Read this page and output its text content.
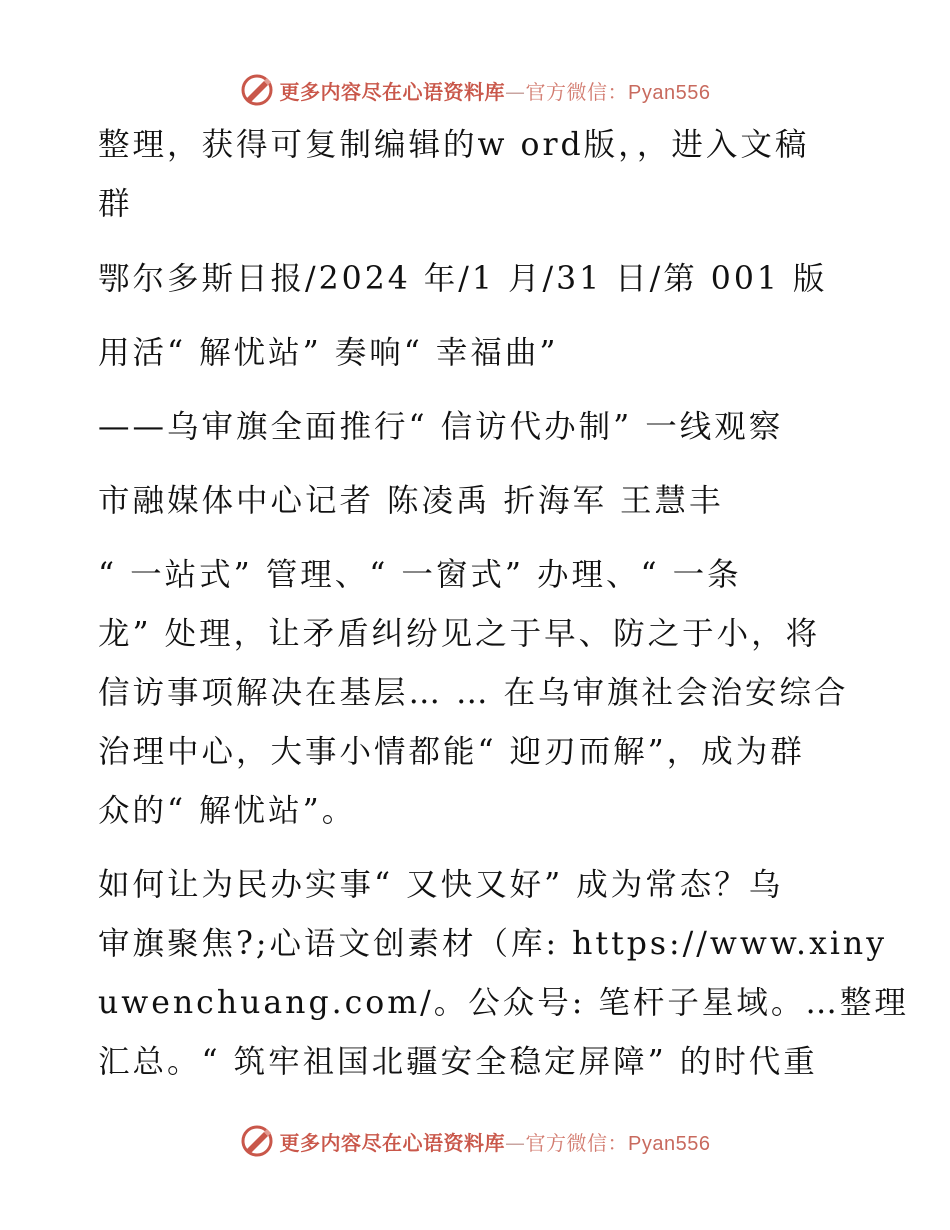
更多内容尽在心语资料库—官方微信：Pyan556
整理，获得可复制编辑的w ord版，，进入文稿
群
鄂尔多斯日报/2024 年/1 月/31 日/第 001 版
用活“ 解忧站” 奏响“ 幸福曲”
——乌审旗全面推行“ 信访代办制” 一线观察
市融媒体中心记者 陈凌禹 折海军 王慧丰
“ 一站式” 管理、“ 一窗式” 办理、“ 一条
龙” 处理，让矛盾纠纷见之于早、防之于小，将
信访事项解决在基层… … 在乌审旗社会治安综合
治理中心，大事小情都能“ 迎刃而解”，成为群
众的“ 解忧站”。
如何让为民办实事“ 又快又好” 成为常态？乌
审旗聚焦?;心语文创素材（库: https://www.xiny
uwenchuang.com/。公众号: 笔杆子星域。…整理
汇总。“ 筑牢祖国北疆安全稳定屏障” 的时代重
更多内容尽在心语资料库—官方微信：Pyan556
